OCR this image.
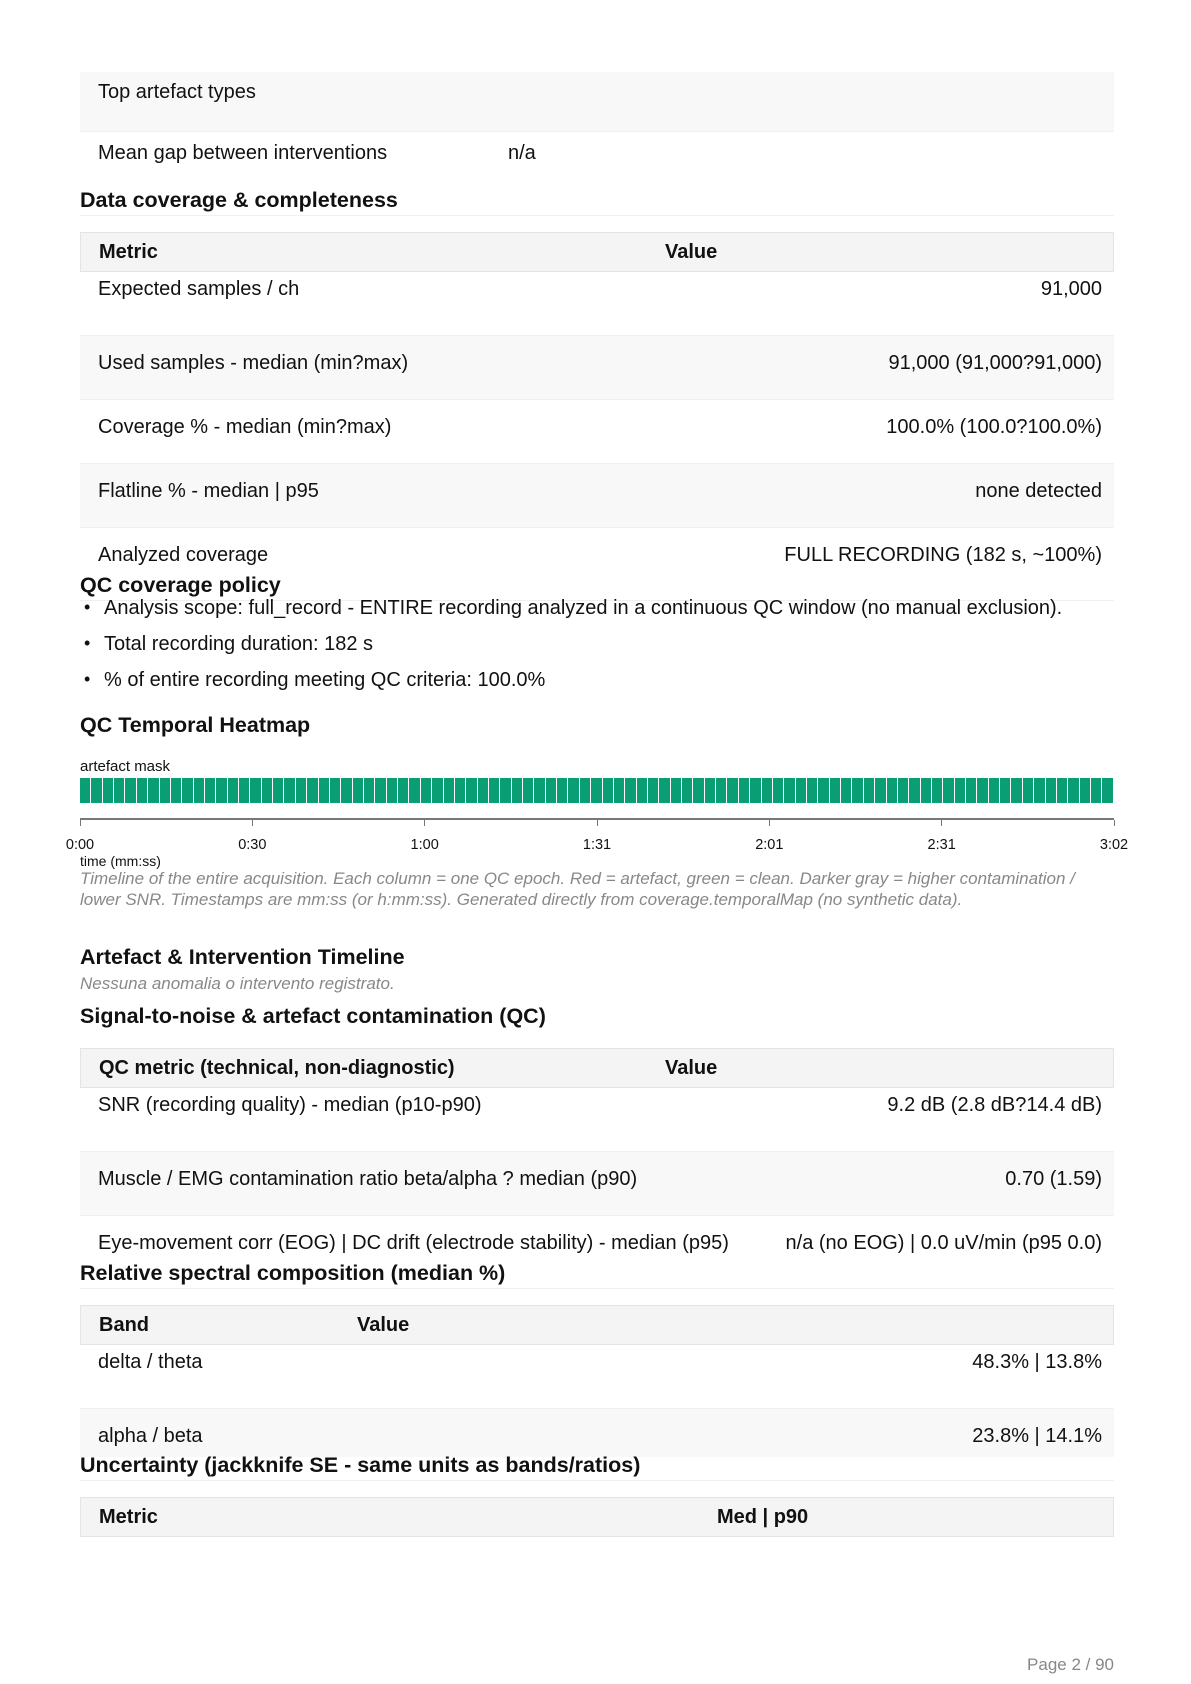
Top artefact types
Mean gap between interventions	n/a
Data coverage & completeness
Metric	Value
Expected samples / ch	91,000
Used samples - median (min?max)	91,000 (91,000?91,000)
Coverage % - median (min?max)	100.0% (100.0?100.0%)
Flatline % - median | p95	none detected
Analyzed coverage	FULL RECORDING (182 s, ~100%)
QC coverage policy
• Analysis scope: full_record - ENTIRE recording analyzed in a continuous QC window (no manual exclusion).
• Total recording duration: 182 s
• % of entire recording meeting QC criteria: 100.0%
QC Temporal Heatmap
artefact mask
0:00	0:30	1:00	1:31	2:01	2:31	3:02
time (mm:ss)
Timeline of the entire acquisition. Each column = one QC epoch. Red = artefact, green = clean. Darker gray = higher contamination / lower SNR. Timestamps are mm:ss (or h:mm:ss). Generated directly from coverage.temporalMap (no synthetic data).
Artefact & Intervention Timeline
Nessuna anomalia o intervento registrato.
Signal-to-noise & artefact contamination (QC)
QC metric (technical, non-diagnostic)	Value
SNR (recording quality) - median (p10-p90)	9.2 dB (2.8 dB?14.4 dB)
Muscle / EMG contamination ratio beta/alpha ? median (p90)	0.70 (1.59)
Eye-movement corr (EOG) | DC drift (electrode stability) - median (p95)	n/a (no EOG) | 0.0 uV/min (p95 0.0)
Relative spectral composition (median %)
Band	Value
delta / theta	48.3% | 13.8%
alpha / beta	23.8% | 14.1%
Uncertainty (jackknife SE - same units as bands/ratios)
Metric	Med | p90
Page 2 / 90
